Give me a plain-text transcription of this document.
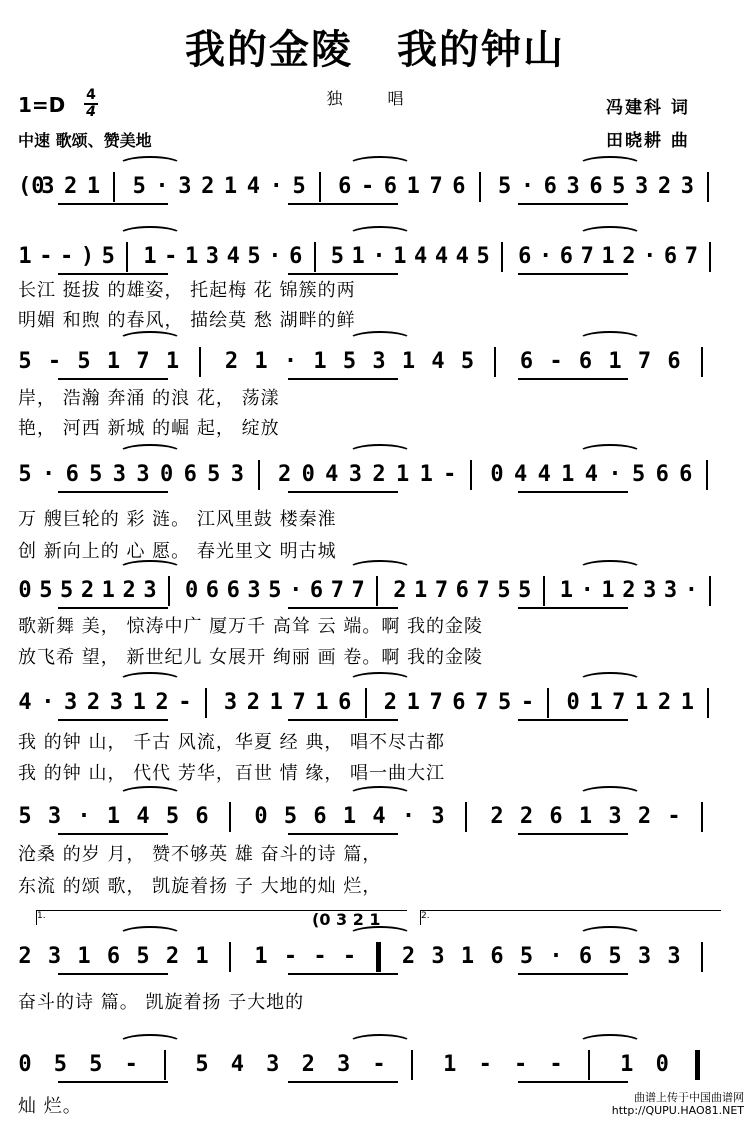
我的金陵 我的钟山
1=D 4
4
独 唱
中速 歌颂、赞美地
冯建科 词
田晓耕 曲
(0
3 2 1 5 · 3 2 1 4 · 5 6 - 6 1 7 6 5 · 6 3 6 5 3 2 3
1 - - ) 5 1 - 1 3 4 5 · 6 5 1 · 1 4 4 4 5 6 · 6 7 1 2 · 6 7
长江 挺拔 的雄姿， 托起梅 花 锦簇的两
明媚 和煦 的春风， 描绘莫 愁 湖畔的鲜
5 - 5 1 7 1 2 1 · 1 5 3 1 4 5 6 - 6 1 7 6
岸， 浩瀚 奔涌 的浪 花， 荡漾
艳， 河西 新城 的崛 起， 绽放
5 · 6 5 3 3 0 6 5 3 2 0 4 3 2 1 1 - 0 4 4 1 4 · 5 6 6
万 艘巨轮的 彩 涟。 江风里鼓 楼秦淮
创 新向上的 心 愿。 春光里文 明古城
0 5 5 2 1 2 3 0 6 6 3 5 · 6 7 7 2 1 7 6 7 5 5 1 · 1 2 3 3 ·
歌新舞 美， 惊涛中广 厦万千 高耸 云 端。啊 我的金陵
放飞希 望， 新世纪儿 女展开 绚丽 画 卷。啊 我的金陵
4 · 3 2 3 1 2 - 3 2 1 7 1 6 2 1 7 6 7 5 - 0 1 7 1 2 1
我 的钟 山， 千古 风流，华夏 经 典， 唱不尽古都
我 的钟 山， 代代 芳华，百世 情 缘， 唱一曲大江
5 3 · 1 4 5 6 0 5 6 1 4 · 3 2 2 6 1 3 2 -
沧桑 的岁 月， 赞不够英 雄 奋斗的诗 篇，
东流 的颂 歌， 凯旋着扬 子 大地的灿 烂，
2 3 1 6 5 2 1 1 - - - 2 3 1 6 5 · 6 5 3 3
(0 3 2 1
1.	2.
奋斗的诗 篇。 凯旋着扬 子大地的
0 5 5 -	5 4 3 2 3 -	1 - - -	1 0
灿 烂。	曲谱上传于中国曲谱网
http://QUPU.HAO81.NET
